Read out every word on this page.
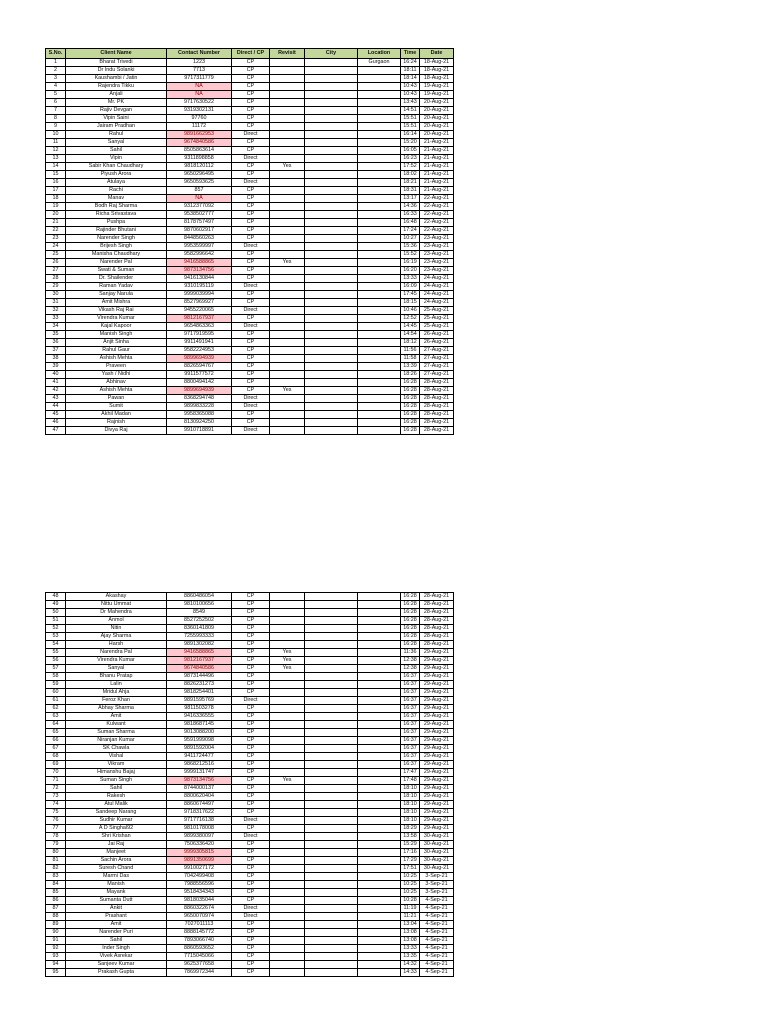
S.No.	Client Name	Contact Number	Direct / CP	Revisit	City	Location	Time	Date
1	Bharat Trivedi	1223	CP			Gurgaon	16:24	18-Aug-21
2	Dr Indu Solanki	7713	CP				18:11	18-Aug-21
3	Kaushambi / Jatin	9717311779	CP				18:14	18-Aug-21
4	Rajendra Tikku	NA	CP				10:43	19-Aug-21
5	Anjali	NA	CP				10:43	19-Aug-21
6	Mr. PK	9717630522	CP				13:43	20-Aug-21
7	Rajiv Devgan	9319302131	CP				14:51	20-Aug-21
8	Vipin Saini	97760	CP				15:51	20-Aug-21
9	Jairam Pradhan	11172	CP				15:51	20-Aug-21
10	Rahul	9891662953	Direct				16:14	20-Aug-21
11	Sanyal	9674840586	CP				15:20	21-Aug-21
12	Sahil	8505863614	CP				16:05	21-Aug-21
13	Vipin	9311898858	Direct				16:23	21-Aug-21
14	Sabir Khan Chaudhary	9818120112	CP	Yes			17:52	21-Aug-21
15	Piyush Arora	9650296495	CP				18:02	21-Aug-21
16	Atulaya	9650593625	Direct				18:21	21-Aug-21
17	Rachi	857	CP				18:31	21-Aug-21
18	Manav	NA	CP				13:17	22-Aug-21
19	Bodh Raj Sharma	9312377092	CP				14:36	22-Aug-21
20	Richa Srivastava	9538502777	CP				16:33	22-Aug-21
21	Pushpa	8178757497	CP				16:48	22-Aug-21
22	Rajinder Bhutani	9870602917	CP				17:24	22-Aug-21
23	Narender Singh	8448560263	CP				10:27	23-Aug-21
24	Brijesh Singh	9953599997	Direct				15:36	23-Aug-21
25	Manisha Chaudhary	9582996642	CP				15:52	23-Aug-21
26	Narender Pal	9416588865	CP	Yes			16:19	23-Aug-21
27	Swati & Suman	9873134756	CP				16:20	23-Aug-21
28	Dr. Shailender	9416130844	CP				13:33	24-Aug-21
29	Raman Yadav	9310195119	Direct				16:09	24-Aug-21
30	Sanjay Narula	9999039994	CP				17:45	24-Aug-21
31	Amit Mishra	8527969927	CP				18:15	24-Aug-21
32	Vikash Raj Rai	9455220065	Direct				10:46	25-Aug-21
33	Virendra Kumar	9812167937	CP				12:52	25-Aug-21
34	Kajal Kapoor	9654863363	Direct				14:45	25-Aug-21
35	Manish Singh	9717919595	CP				14:54	26-Aug-21
36	Anjit Sinha	9911491941	CP				18:12	26-Aug-21
37	Rahul Gaur	9582224953	CP				11:56	27-Aug-21
38	Ashish Mehta	9899694939	CP				11:58	27-Aug-21
39	Praveen	8826594767	CP				13:39	27-Aug-21
40	Yash / Nidhi	9911577572	CP				18:26	27-Aug-21
41	Abhinav	8800494142	CP				16:28	28-Aug-21
42	Ashish Mehta	9899694939	CP	Yes			16:28	28-Aug-21
43	Pawan	8368294748	Direct				16:28	28-Aug-21
44	Sumit	9899833228	Direct				16:28	28-Aug-21
45	Akhil Madan	9958365088	CP				16:28	28-Aug-21
46	Rajnish	8130924250	CP				16:28	28-Aug-21
47	Divya Raj	9910718891	Direct				16:28	28-Aug-21
48	Akashay	8860486054	CP				16:28	28-Aug-21
49	Nittu Ummat	9810100656	CP				16:28	28-Aug-21
50	Dr Mahendra	8549	CP				16:28	28-Aug-21
51	Anmol	8527252502	CP				16:28	28-Aug-21
52	Nitin	8360141809	CP				16:28	28-Aug-21
53	Ajay Sharma	7255993333	CP				16:28	28-Aug-21
54	Harsh	9891302082	CP				16:28	28-Aug-21
55	Narendra Pal	9416588865	CP	Yes			11:36	29-Aug-21
56	Virendra Kumar	9812167937	CP	Yes			12:38	29-Aug-21
57	Sanyal	9674840586	CP	Yes			12:38	29-Aug-21
58	Bhanu Pratap	9873144496	CP				16:37	29-Aug-21
59	Lalin	8826231273	CP				16:37	29-Aug-21
60	Mridul Ahja	9818254401	CP				16:37	29-Aug-21
61	Feroz Khan	9891595769	Direct				16:37	29-Aug-21
62	Abhay Sharma	9811503278	CP				16:37	29-Aug-21
63	Amit	9416336555	CP				16:37	29-Aug-21
64	Kulwant	9818687145	CP				16:37	29-Aug-21
65	Suman Sharma	9013088200	CP				16:37	29-Aug-21
66	Niranjan Kumar	9591999098	CP				16:37	29-Aug-21
67	SK Chawla	9891592004	CP				16:37	29-Aug-21
68	Vishal	9411724477	CP				16:37	29-Aug-21
69	Vikram	9868212516	CP				16:37	29-Aug-21
70	Himanshu Bajaj	9999131747	CP				17:47	29-Aug-21
71	Suman Singh	9873134756	CP	Yes			17:48	29-Aug-21
72	Sahil	8744000137	CP				18:10	29-Aug-21
73	Rakesh	8800620404	CP				18:10	29-Aug-21
74	Atul Malik	8860674497	CP				18:10	29-Aug-21
75	Sandeep Narang	9718317622	CP				18:10	29-Aug-21
76	Sudhir Kumar	9717716138	Direct				18:10	29-Aug-21
77	A D Singhal92	9810178008	CP				18:29	29-Aug-21
78	Shri Krishan	9899380097	Direct				13:58	30-Aug-21
79	Jai Raj	7506336420	CP				15:29	30-Aug-21
80	Manjeet	9999305815	CP				17:16	30-Aug-21
81	Sachin Arora	9891350699	CP				17:29	30-Aug-21
82	Suresh Chand	9910027172	CP				17:51	30-Aug-21
83	Marmi Das	7042499408	CP				10:25	3-Sep-21
84	Manish	7988556596	CP				10:25	3-Sep-21
85	Mayank	9518434343	CP				10:25	3-Sep-21
86	Sumanta Dutt	9818035044	CP				10:28	4-Sep-21
87	Ankit	8860322674	Direct				11:19	4-Sep-21
88	Prashant	9650070974	Direct				11:21	4-Sep-21
89	Amit	7027011113	CP				13:04	4-Sep-21
90	Narender Puri	8888145772	CP				13:08	4-Sep-21
91	Sahil	7893066740	CP				13:08	4-Sep-21
92	Inder Singh	8860593652	CP				13:33	4-Sep-21
93	Vivek Asrekar	7715045066	CP				13:35	4-Sep-21
94	Sanjeev Kumar	9625377658	CP				14:32	4-Sep-21
95	Prakash Gupta	7869972344	CP				14:33	4-Sep-21
